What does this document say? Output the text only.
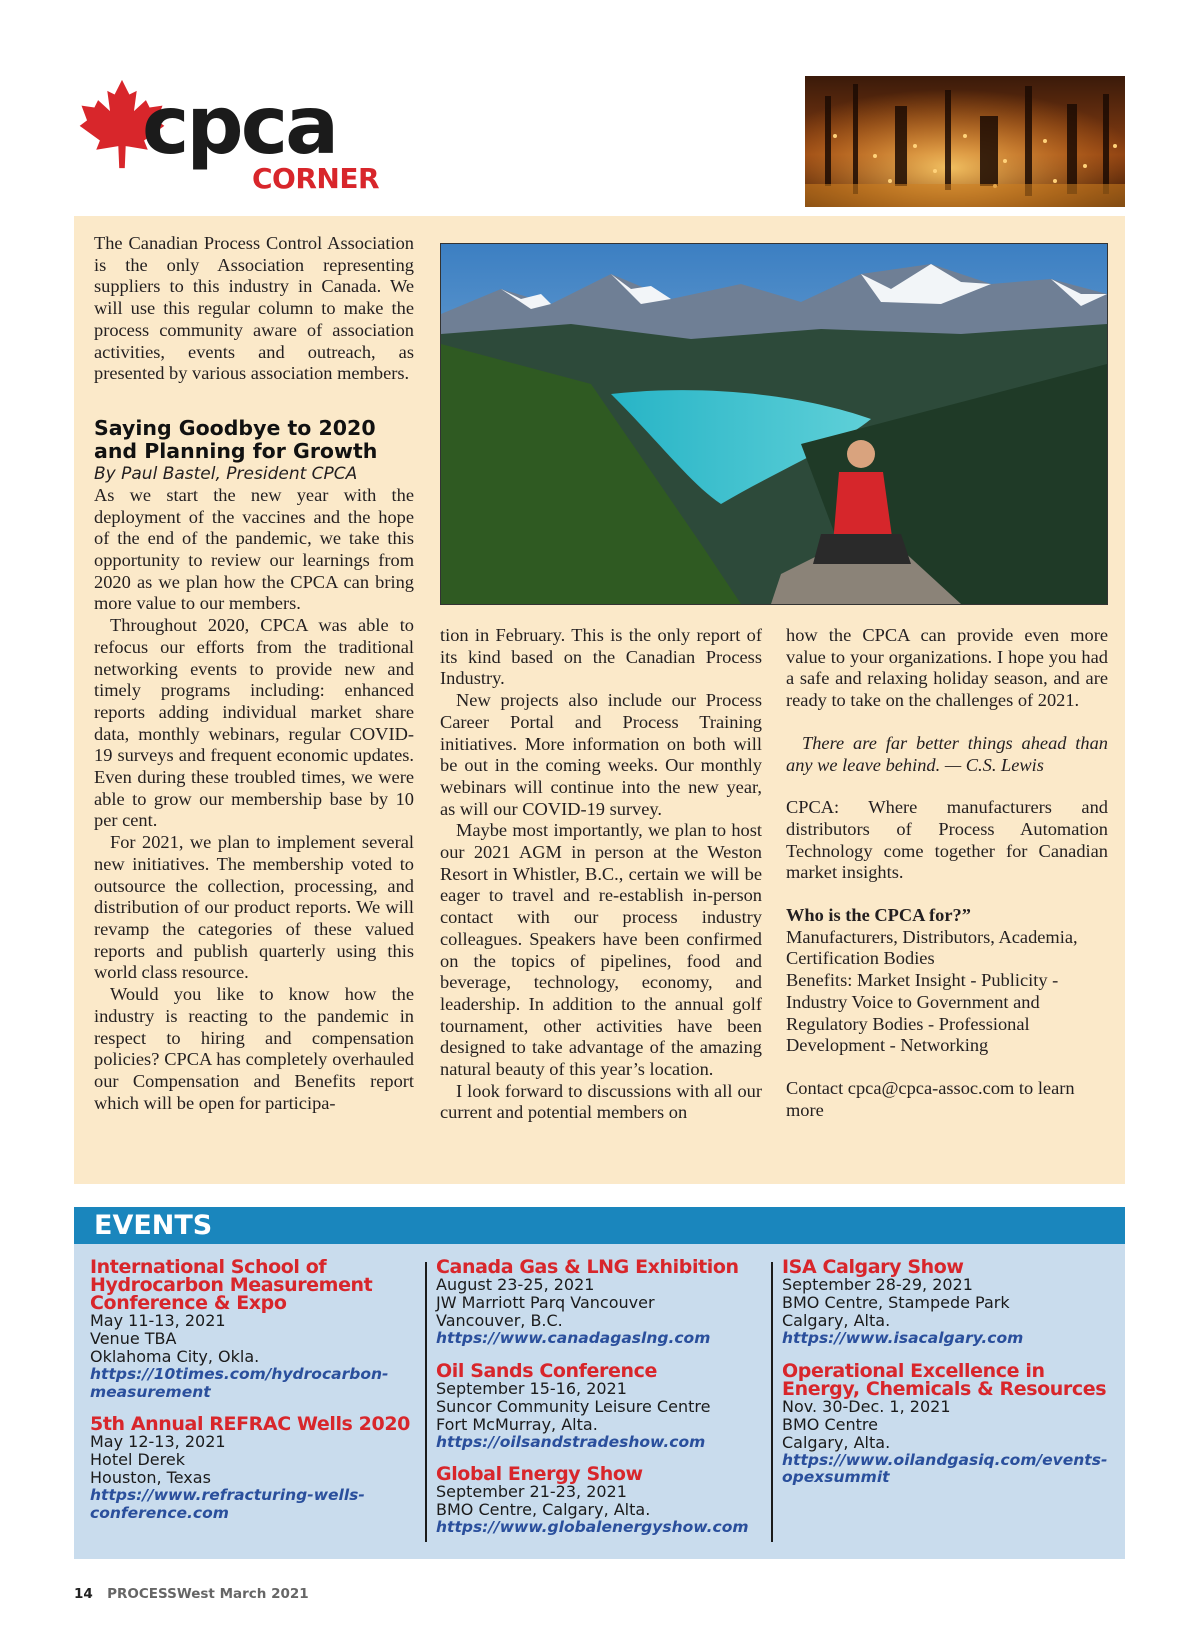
cpca
CORNER

The Canadian Process Control Association is the only Association representing suppliers to this industry in Canada. We will use this regular column to make the process community aware of association activities, events and outreach, as presented by various association members.

Saying Goodbye to 2020 and Planning for Growth

By Paul Bastel, President CPCA

As we start the new year with the deployment of the vaccines and the hope of the end of the pandemic, we take this opportunity to review our learnings from 2020 as we plan how the CPCA can bring more value to our members.

Throughout 2020, CPCA was able to refocus our efforts from the traditional networking events to provide new and timely programs including: enhanced reports adding individual market share data, monthly webinars, regular COVID-19 surveys and frequent economic updates. Even during these troubled times, we were able to grow our membership base by 10 per cent.

For 2021, we plan to implement several new initiatives. The membership voted to outsource the collection, processing, and distribution of our product reports. We will revamp the categories of these valued reports and publish quarterly using this world class resource.

Would you like to know how the industry is reacting to the pandemic in respect to hiring and compensation policies? CPCA has completely overhauled our Compensation and Benefits report which will be open for participa-

tion in February. This is the only report of its kind based on the Canadian Process Industry.

New projects also include our Process Career Portal and Process Training initiatives. More information on both will be out in the coming weeks. Our monthly webinars will continue into the new year, as will our COVID-19 survey.

Maybe most importantly, we plan to host our 2021 AGM in person at the Weston Resort in Whistler, B.C., certain we will be eager to travel and re-establish in-person contact with our process industry colleagues. Speakers have been confirmed on the topics of pipelines, food and beverage, technology, economy, and leadership. In addition to the annual golf tournament, other activities have been designed to take advantage of the amazing natural beauty of this year’s location.

I look forward to discussions with all our current and potential members on

how the CPCA can provide even more value to your organizations. I hope you had a safe and relaxing holiday season, and are ready to take on the challenges of 2021.

There are far better things ahead than any we leave behind. — C.S. Lewis

CPCA: Where manufacturers and distributors of Process Automation Technology come together for Canadian market insights.

Who is the CPCA for?”

Manufacturers, Distributors, Academia, Certification Bodies

Benefits: Market Insight - Publicity - Industry Voice to Government and Regulatory Bodies - Professional Development - Networking

Contact cpca@cpca-assoc.com to learn more

EVENTS
International School of Hydrocarbon Measurement Conference & Expo
May 11-13, 2021
Venue TBA
Oklahoma City, Okla.
https://10times.com/hydrocarbon-measurement
5th Annual REFRAC Wells 2020
May 12-13, 2021
Hotel Derek
Houston, Texas
https://www.refracturing-wells-conference.com
Canada Gas & LNG Exhibition
August 23-25, 2021
JW Marriott Parq Vancouver
Vancouver, B.C.
https://www.canadagaslng.com
Oil Sands Conference
September 15-16, 2021
Suncor Community Leisure Centre
Fort McMurray, Alta.
https://oilsandstradeshow.com
Global Energy Show
September 21-23, 2021
BMO Centre, Calgary, Alta.
https://www.globalenergyshow.com
ISA Calgary Show
September 28-29, 2021
BMO Centre, Stampede Park
Calgary, Alta.
https://www.isacalgary.com
Operational Excellence in Energy, Chemicals & Resources
Nov. 30-Dec. 1, 2021
BMO Centre
Calgary, Alta.
https://www.oilandgasiq.com/events-opexsummit
14 PROCESSWest March 2021
